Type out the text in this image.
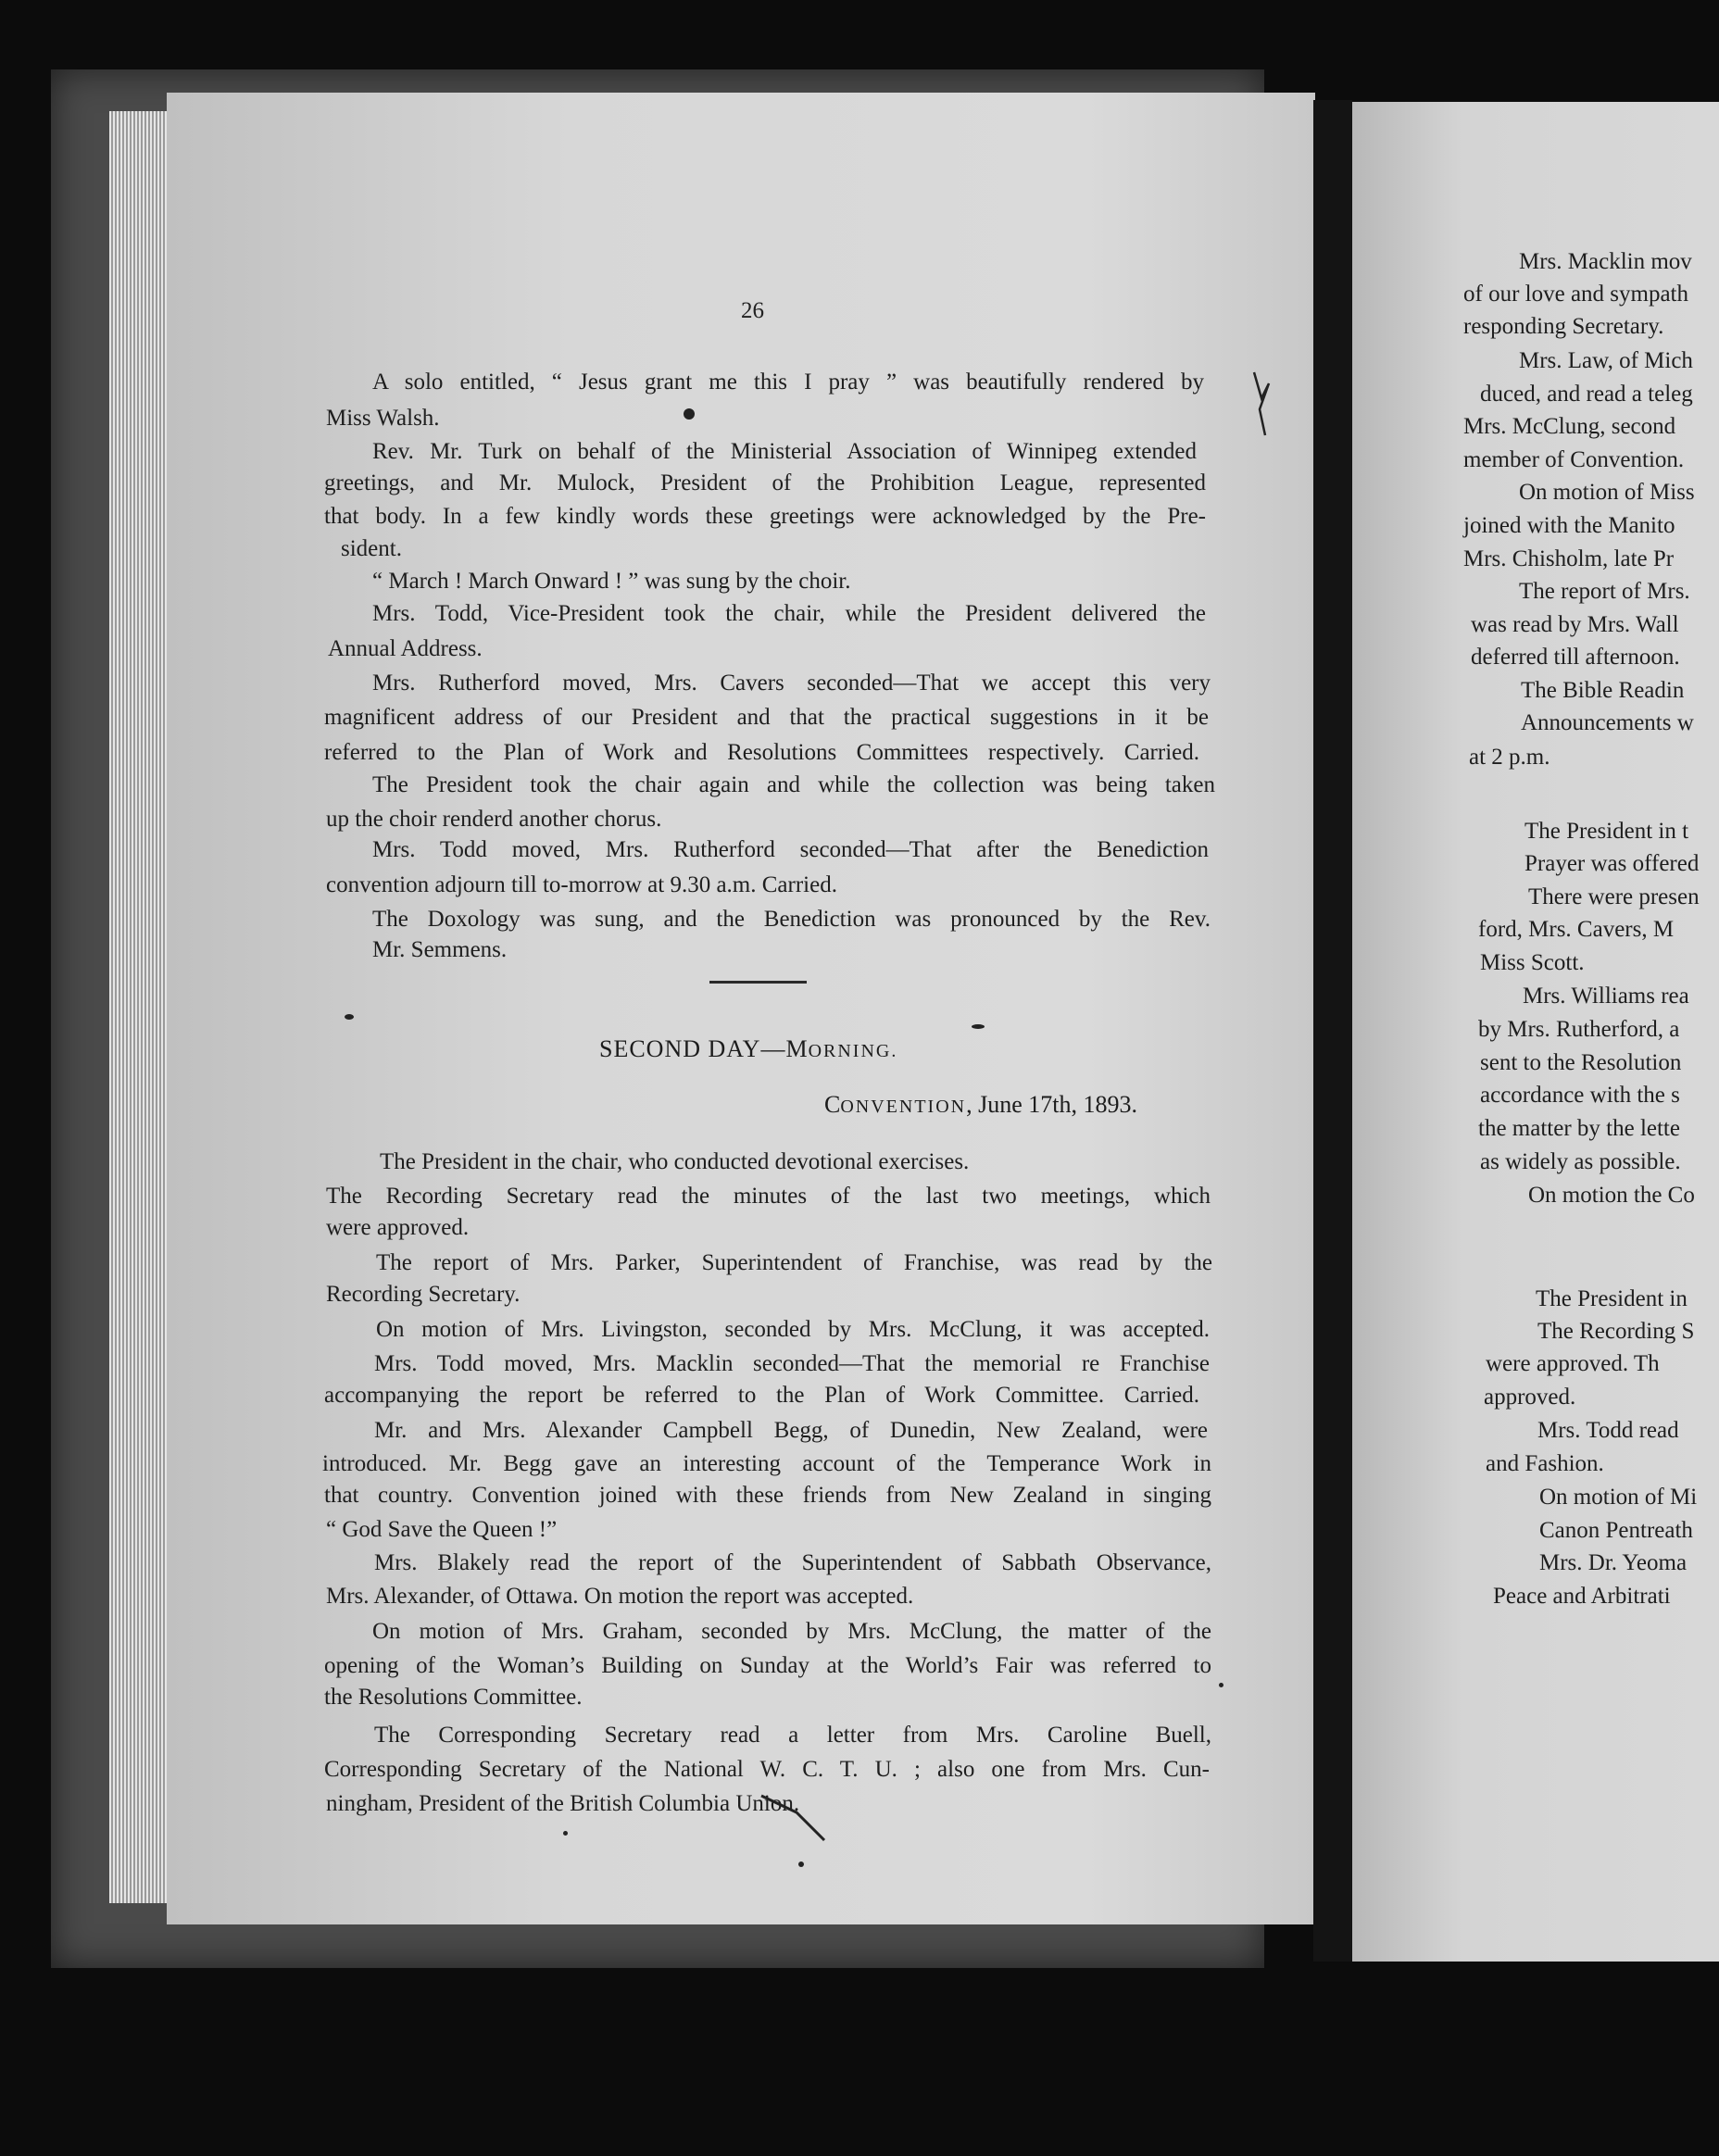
Mrs. Macklin mov
of our love and sympath
responding Secretary.
Mrs. Law, of Mich
duced, and read a teleg
Mrs. McClung, second
member of Convention.
On motion of Miss
joined with the Manito
Mrs. Chisholm, late Pr
The report of Mrs.
was read by Mrs. Wall
deferred till afternoon.
The Bible Readin
Announcements w
at 2 p.m.
The President in t
Prayer was offered
There were presen
ford, Mrs. Cavers, M
Miss Scott.
Mrs. Williams rea
by Mrs. Rutherford, a
sent to the Resolution
accordance with the s
the matter by the lette
as widely as possible.
On motion the Co
The President in
The Recording S
were approved. Th
approved.
Mrs. Todd read
and Fashion.
On motion of Mi
Canon Pentreath
Mrs. Dr. Yeoma
Peace and Arbitrati
26
A solo entitled, “ Jesus grant me this I pray ” was beautifully rendered by
Miss Walsh.
Rev. Mr. Turk on behalf of the Ministerial Association of Winnipeg extended
greetings, and Mr. Mulock, President of the Prohibition League, represented
that body. In a few kindly words these greetings were acknowledged by the Pre-
sident.
“ March ! March Onward ! ” was sung by the choir.
Mrs. Todd, Vice-President took the chair, while the President delivered the
Annual Address.
Mrs. Rutherford moved, Mrs. Cavers seconded—That we accept this very
magnificent address of our President and that the practical suggestions in it be
referred to the Plan of Work and Resolutions Committees respectively. Carried.
The President took the chair again and while the collection was being taken
up the choir renderd another chorus.
Mrs. Todd moved, Mrs. Rutherford seconded—That after the Benediction
convention adjourn till to-morrow at 9.30 a.m. Carried.
The Doxology was sung, and the Benediction was pronounced by the Rev.
Mr. Semmens.
SECOND DAY—MORNING.
CONVENTION, June 17th, 1893.
The President in the chair, who conducted devotional exercises.
The Recording Secretary read the minutes of the last two meetings, which
were approved.
The report of Mrs. Parker, Superintendent of Franchise, was read by the
Recording Secretary.
On motion of Mrs. Livingston, seconded by Mrs. McClung, it was accepted.
Mrs. Todd moved, Mrs. Macklin seconded—That the memorial re Franchise
accompanying the report be referred to the Plan of Work Committee. Carried.
Mr. and Mrs. Alexander Campbell Begg, of Dunedin, New Zealand, were
introduced. Mr. Begg gave an interesting account of the Temperance Work in
that country. Convention joined with these friends from New Zealand in singing
“ God Save the Queen !”
Mrs. Blakely read the report of the Superintendent of Sabbath Observance,
Mrs. Alexander, of Ottawa. On motion the report was accepted.
On motion of Mrs. Graham, seconded by Mrs. McClung, the matter of the
opening of the Woman’s Building on Sunday at the World’s Fair was referred to
the Resolutions Committee.
The Corresponding Secretary read a letter from Mrs. Caroline Buell,
Corresponding Secretary of the National W. C. T. U. ; also one from Mrs. Cun-
ningham, President of the British Columbia Union.
